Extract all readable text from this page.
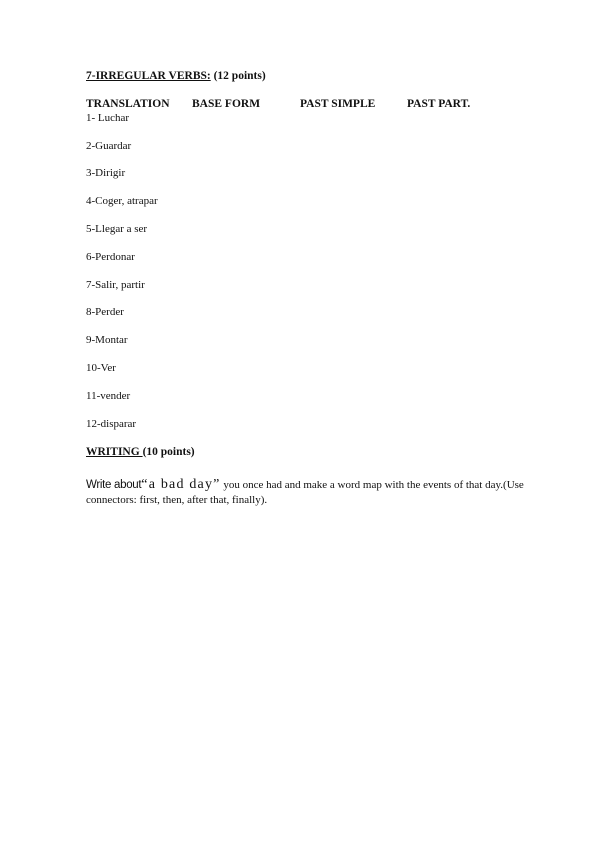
7-IRREGULAR VERBS: (12 points)
TRANSLATION BASE FORM	PAST SIMPLE	PAST PART.
1- Luchar
2-Guardar
3-Dirigir
4-Coger, atrapar
5-Llegar a ser
6-Perdonar
7-Salir, partir
8-Perder
9-Montar
10-Ver
11-vender
12-disparar
WRITING (10 points)
Write about“a bad day” you once had and make a word map with the events of that day.(Use connectors: first, then, after that, finally).
